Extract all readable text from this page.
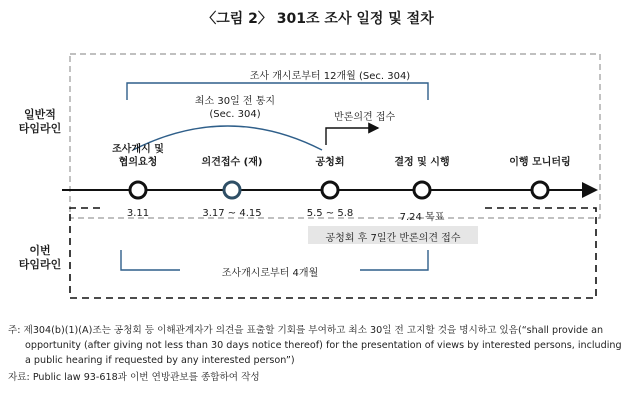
〈그림 2〉 301조 조사 일정 및 절차
일반적
타임라인
이번
타임라인
조사 개시로부터 12개월 (Sec. 304)
최소 30일 전 통지
(Sec. 304)	반론의견 접수
조사개시 및
협의요청	의견접수 (재)	공청회	결정 및 시행	이행 모니터링
3.11	3.17 ~ 4.15	5.5 ~ 5.8	7.24 목표
공청회 후 7일간 반론의견 접수
조사개시로부터 4개월
주: 제304(b)(1)(A)조는 공청회 등 이해관계자가 의견을 표출할 기회를 부여하고 최소 30일 전 고지할 것을 명시하고 있음(“shall provide an
opportunity (after giving not less than 30 days notice thereof) for the presentation of views by interested persons, including
a public hearing if requested by any interested person”)
자료: Public law 93-618과 이번 연방관보를 종합하여 작성
